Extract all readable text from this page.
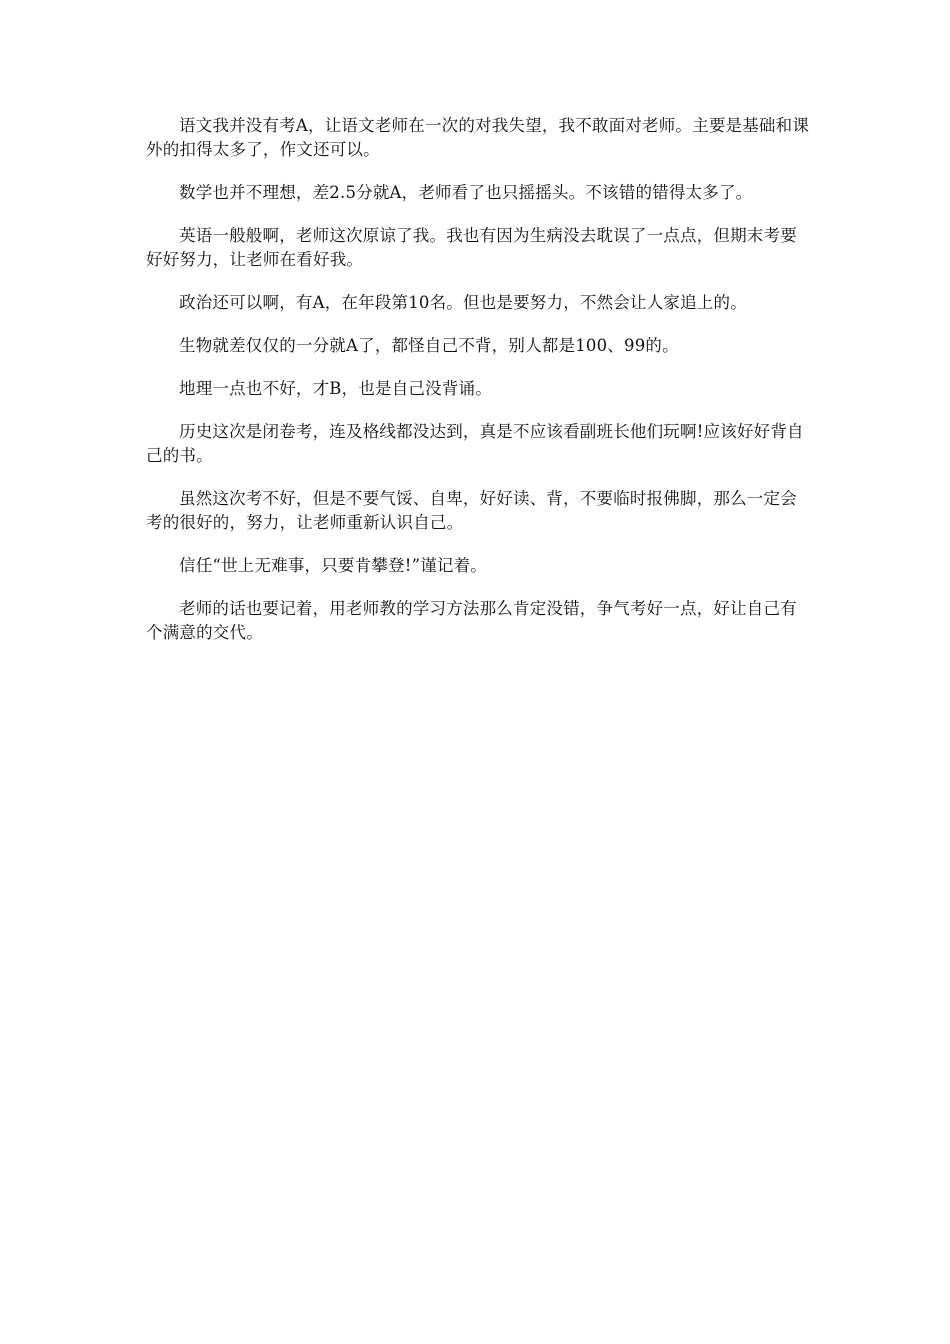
语文我并没有考A，让语文老师在一次的对我失望，我不敢面对老师。主要是基础和课外的扣得太多了，作文还可以。

数学也并不理想，差2.5分就A，老师看了也只摇摇头。不该错的错得太多了。

英语一般般啊，老师这次原谅了我。我也有因为生病没去耽误了一点点，但期末考要好好努力，让老师在看好我。

政治还可以啊，有A，在年段第10名。但也是要努力，不然会让人家追上的。

生物就差仅仅的一分就A了，都怪自己不背，别人都是100、99的。

地理一点也不好，才B，也是自己没背诵。

历史这次是闭卷考，连及格线都没达到，真是不应该看副班长他们玩啊!应该好好背自己的书。

虽然这次考不好，但是不要气馁、自卑，好好读、背，不要临时报佛脚，那么一定会考的很好的，努力，让老师重新认识自己。

信任“世上无难事，只要肯攀登!”谨记着。

老师的话也要记着，用老师教的学习方法那么肯定没错，争气考好一点，好让自己有个满意的交代。
